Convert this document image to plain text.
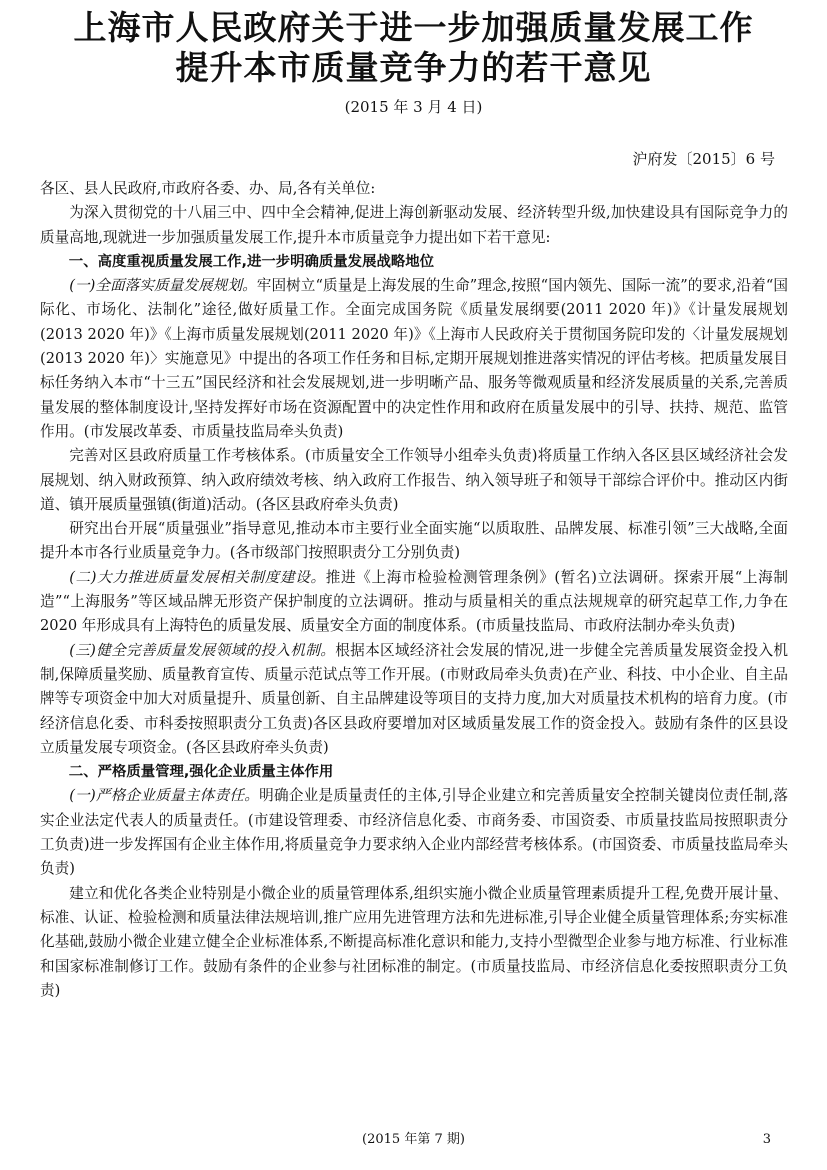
上海市人民政府关于进一步加强质量发展工作
提升本市质量竞争力的若干意见
(2015 年 3 月 4 日)
沪府发〔2015〕6 号

各区、县人民政府,市政府各委、办、局,各有关单位:

为深入贯彻党的十八届三中、四中全会精神,促进上海创新驱动发展、经济转型升级,加快建设具有国际竞争力的质量高地,现就进一步加强质量发展工作,提升本市质量竞争力提出如下若干意见:

一、高度重视质量发展工作,进一步明确质量发展战略地位

(一)全面落实质量发展规划。牢固树立“质量是上海发展的生命”理念,按照“国内领先、国际一流”的要求,沿着“国际化、市场化、法制化”途径,做好质量工作。全面完成国务院《质量发展纲要(2011 2020 年)》《计量发展规划(2013 2020 年)》《上海市质量发展规划(2011 2020 年)》《上海市人民政府关于贯彻国务院印发的〈计量发展规划(2013 2020 年)〉实施意见》中提出的各项工作任务和目标,定期开展规划推进落实情况的评估考核。把质量发展目标任务纳入本市“十三五”国民经济和社会发展规划,进一步明晰产品、服务等微观质量和经济发展质量的关系,完善质量发展的整体制度设计,坚持发挥好市场在资源配置中的决定性作用和政府在质量发展中的引导、扶持、规范、监管作用。(市发展改革委、市质量技监局牵头负责)

完善对区县政府质量工作考核体系。(市质量安全工作领导小组牵头负责)将质量工作纳入各区县区域经济社会发展规划、纳入财政预算、纳入政府绩效考核、纳入政府工作报告、纳入领导班子和领导干部综合评价中。推动区内街道、镇开展质量强镇(街道)活动。(各区县政府牵头负责)

研究出台开展“质量强业”指导意见,推动本市主要行业全面实施“以质取胜、品牌发展、标准引领”三大战略,全面提升本市各行业质量竞争力。(各市级部门按照职责分工分别负责)

(二)大力推进质量发展相关制度建设。推进《上海市检验检测管理条例》(暂名)立法调研。探索开展“上海制造”“上海服务”等区域品牌无形资产保护制度的立法调研。推动与质量相关的重点法规规章的研究起草工作,力争在 2020 年形成具有上海特色的质量发展、质量安全方面的制度体系。(市质量技监局、市政府法制办牵头负责)

(三)健全完善质量发展领域的投入机制。根据本区域经济社会发展的情况,进一步健全完善质量发展资金投入机制,保障质量奖励、质量教育宣传、质量示范试点等工作开展。(市财政局牵头负责)在产业、科技、中小企业、自主品牌等专项资金中加大对质量提升、质量创新、自主品牌建设等项目的支持力度,加大对质量技术机构的培育力度。(市经济信息化委、市科委按照职责分工负责)各区县政府要增加对区域质量发展工作的资金投入。鼓励有条件的区县设立质量发展专项资金。(各区县政府牵头负责)

二、严格质量管理,强化企业质量主体作用

(一)严格企业质量主体责任。明确企业是质量责任的主体,引导企业建立和完善质量安全控制关键岗位责任制,落实企业法定代表人的质量责任。(市建设管理委、市经济信息化委、市商务委、市国资委、市质量技监局按照职责分工负责)进一步发挥国有企业主体作用,将质量竞争力要求纳入企业内部经营考核体系。(市国资委、市质量技监局牵头负责)

建立和优化各类企业特别是小微企业的质量管理体系,组织实施小微企业质量管理素质提升工程,免费开展计量、标准、认证、检验检测和质量法律法规培训,推广应用先进管理方法和先进标准,引导企业健全质量管理体系;夯实标准化基础,鼓励小微企业建立健全企业标准体系,不断提高标准化意识和能力,支持小型微型企业参与地方标准、行业标准和国家标准制修订工作。鼓励有条件的企业参与社团标准的制定。(市质量技监局、市经济信息化委按照职责分工负责)

(2015 年第 7 期)	3
